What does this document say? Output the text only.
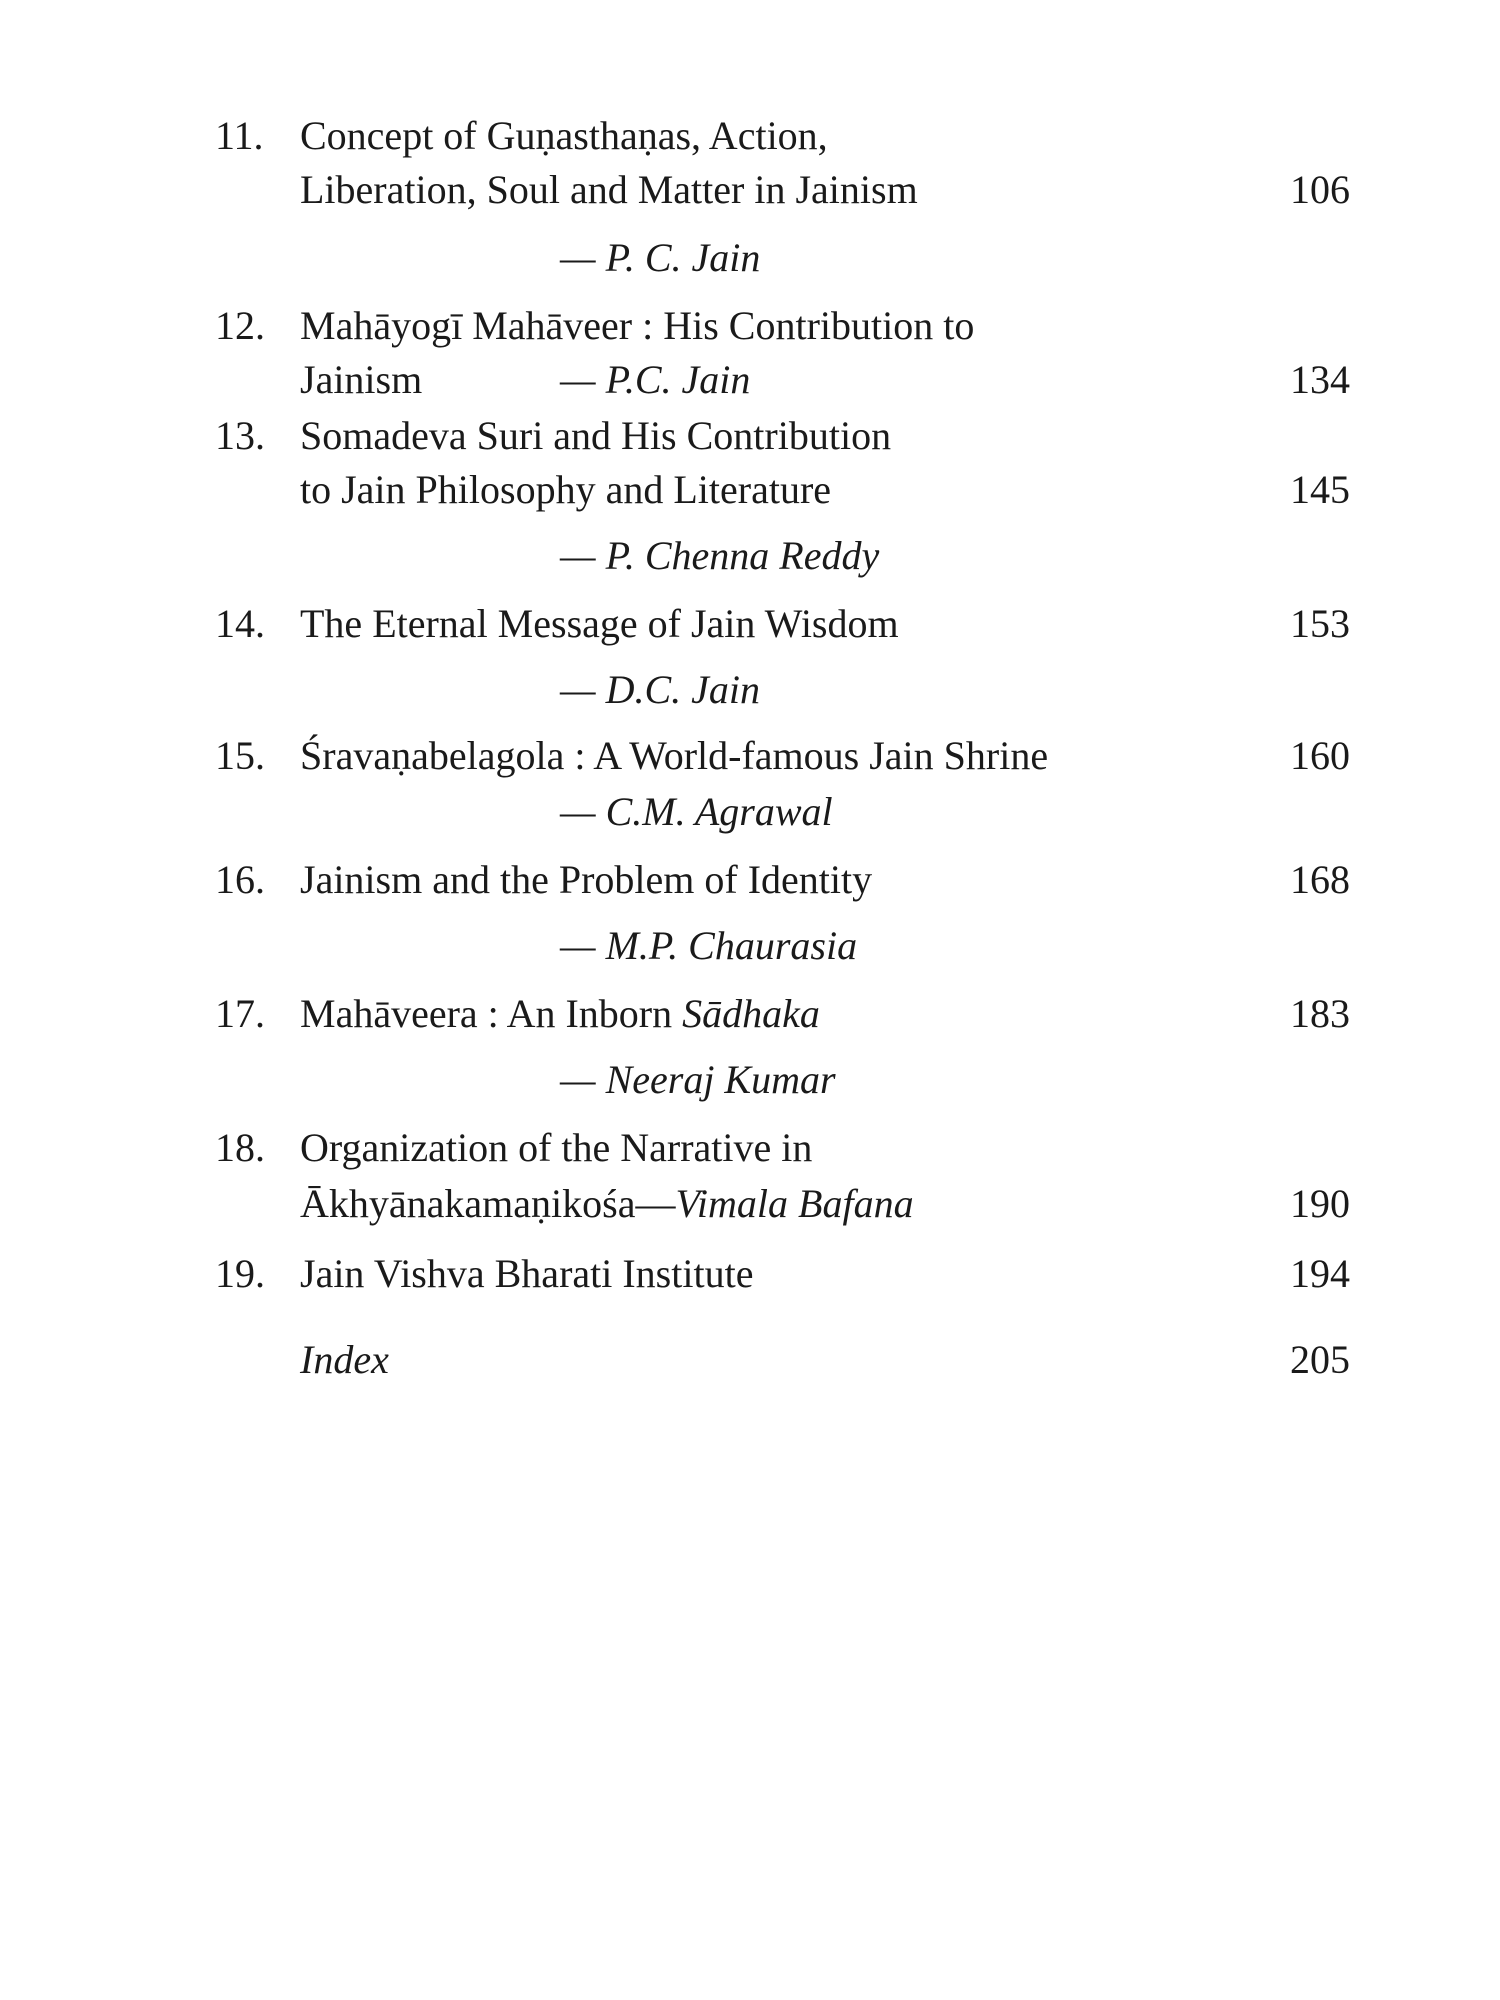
11. Concept of Guṇasthaṇas, Action,
Liberation, Soul and Matter in Jainism	106
— P. C. Jain
12. Mahāyogī Mahāveer : His Contribution to
Jainism	— P.C. Jain	134
13. Somadeva Suri and His Contribution
to Jain Philosophy and Literature	145
— P. Chenna Reddy
14. The Eternal Message of Jain Wisdom	153
— D.C. Jain
15. Śravaṇabelagola : A World-famous Jain Shrine	160
— C.M. Agrawal
16. Jainism and the Problem of Identity	168
— M.P. Chaurasia
17. Mahāveera : An Inborn Sādhaka	183
— Neeraj Kumar
18. Organization of the Narrative in
Ākhyānakamaṇikośa—Vimala Bafana	190
19. Jain Vishva Bharati Institute	194
Index	205
